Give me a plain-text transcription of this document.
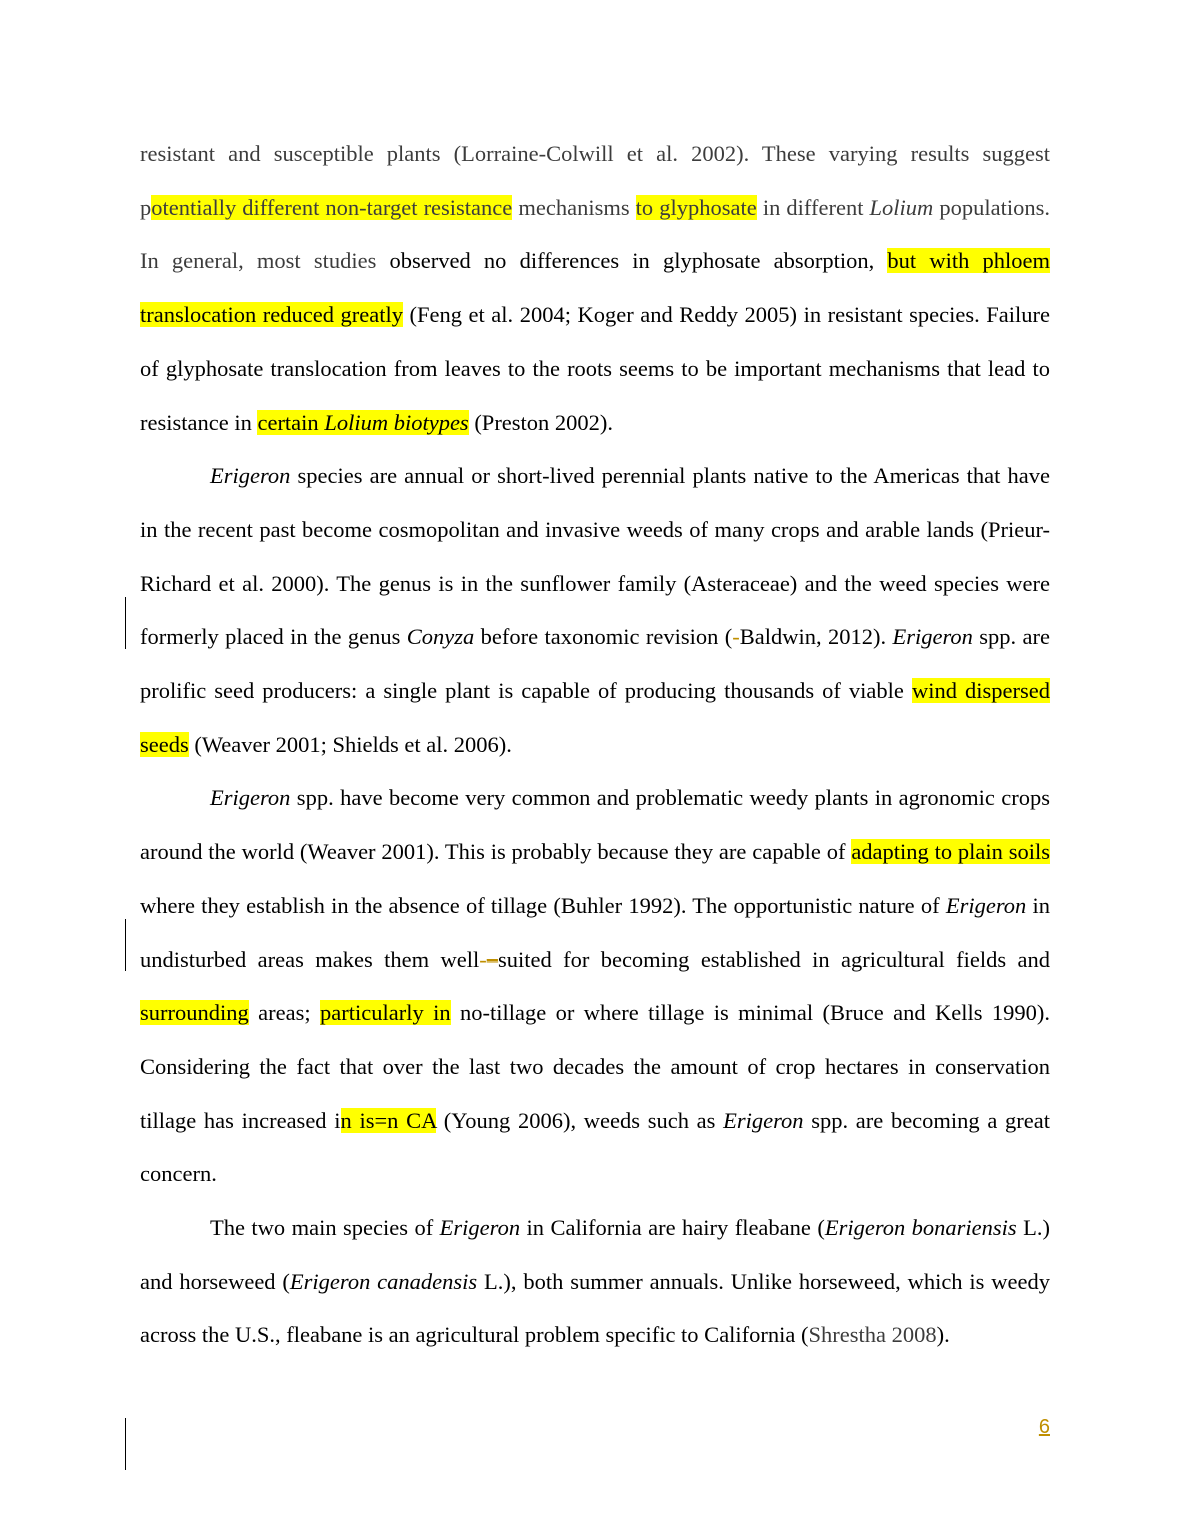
resistant and susceptible plants (Lorraine-Colwill et al. 2002). These varying results suggest potentially different non-target resistance mechanisms to glyphosate in different Lolium populations. In general, most studies observed no differences in glyphosate absorption, but with phloem translocation reduced greatly (Feng et al. 2004; Koger and Reddy 2005) in resistant species. Failure of glyphosate translocation from leaves to the roots seems to be important mechanisms that lead to resistance in certain Lolium biotypes (Preston 2002).

Erigeron species are annual or short-lived perennial plants native to the Americas that have in the recent past become cosmopolitan and invasive weeds of many crops and arable lands (Prieur-Richard et al. 2000). The genus is in the sunflower family (Asteraceae) and the weed species were formerly placed in the genus Conyza before taxonomic revision (-Baldwin, 2012). Erigeron spp. are prolific seed producers: a single plant is capable of producing thousands of viable wind dispersed seeds (Weaver 2001; Shields et al. 2006).

Erigeron spp. have become very common and problematic weedy plants in agronomic crops around the world (Weaver 2001). This is probably because they are capable of adapting to plain soils where they establish in the absence of tillage (Buhler 1992). The opportunistic nature of Erigeron in undisturbed areas makes them well-–suited for becoming established in agricultural fields and surrounding areas; particularly in no-tillage or where tillage is minimal (Bruce and Kells 1990). Considering the fact that over the last two decades the amount of crop hectares in conservation tillage has increased in is=n CA (Young 2006), weeds such as Erigeron spp. are becoming a great concern.

The two main species of Erigeron in California are hairy fleabane (Erigeron bonariensis L.) and horseweed (Erigeron canadensis L.), both summer annuals. Unlike horseweed, which is weedy across the U.S., fleabane is an agricultural problem specific to California (Shrestha 2008).

6
